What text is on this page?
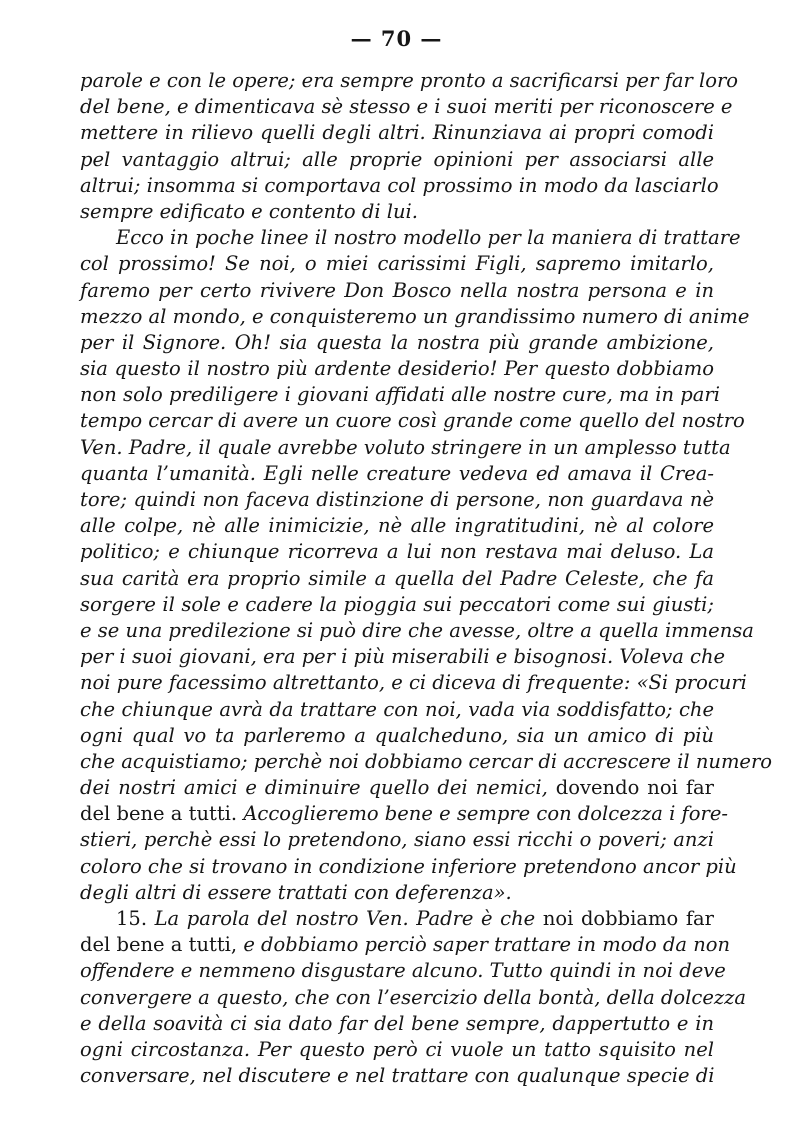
— 70 —
parole e con le opere; era sempre pronto a sacrificarsi per far loro
del bene, e dimenticava sè stesso e i suoi meriti per riconoscere e
mettere in rilievo quelli degli altri. Rinunziava ai propri comodi
pel vantaggio altrui; alle proprie opinioni per associarsi alle
altrui; insomma si comportava col prossimo in modo da lasciarlo
sempre edificato e contento di lui.
Ecco in poche linee il nostro modello per la maniera di trattare
col prossimo! Se noi, o miei carissimi Figli, sapremo imitarlo,
faremo per certo rivivere Don Bosco nella nostra persona e in
mezzo al mondo, e conquisteremo un grandissimo numero di anime
per il Signore. Oh! sia questa la nostra più grande ambizione,
sia questo il nostro più ardente desiderio! Per questo dobbiamo
non solo prediligere i giovani affidati alle nostre cure, ma in pari
tempo cercar di avere un cuore così grande come quello del nostro
Ven. Padre, il quale avrebbe voluto stringere in un amplesso tutta
quanta l’umanità. Egli nelle creature vedeva ed amava il Crea-
tore; quindi non faceva distinzione di persone, non guardava nè
alle colpe, nè alle inimicizie, nè alle ingratitudini, nè al colore
politico; e chiunque ricorreva a lui non restava mai deluso. La
sua carità era proprio simile a quella del Padre Celeste, che fa
sorgere il sole e cadere la pioggia sui peccatori come sui giusti;
e se una predilezione si può dire che avesse, oltre a quella immensa
per i suoi giovani, era per i più miserabili e bisognosi. Voleva che
noi pure facessimo altrettanto, e ci diceva di frequente: «Si procuri
che chiunque avrà da trattare con noi, vada via soddisfatto; che
ogni qual vo ta parleremo a qualcheduno, sia un amico di più
che acquistiamo; perchè noi dobbiamo cercar di accrescere il numero
dei nostri amici e diminuire quello dei nemici, dovendo noi far
del bene a tutti. Accoglieremo bene e sempre con dolcezza i fore-
stieri, perchè essi lo pretendono, siano essi ricchi o poveri; anzi
coloro che si trovano in condizione inferiore pretendono ancor più
degli altri di essere trattati con deferenza».
15. La parola del nostro Ven. Padre è che noi dobbiamo far
del bene a tutti, e dobbiamo perciò saper trattare in modo da non
offendere e nemmeno disgustare alcuno. Tutto quindi in noi deve
convergere a questo, che con l’esercizio della bontà, della dolcezza
e della soavità ci sia dato far del bene sempre, dappertutto e in
ogni circostanza. Per questo però ci vuole un tatto squisito nel
conversare, nel discutere e nel trattare con qualunque specie di
